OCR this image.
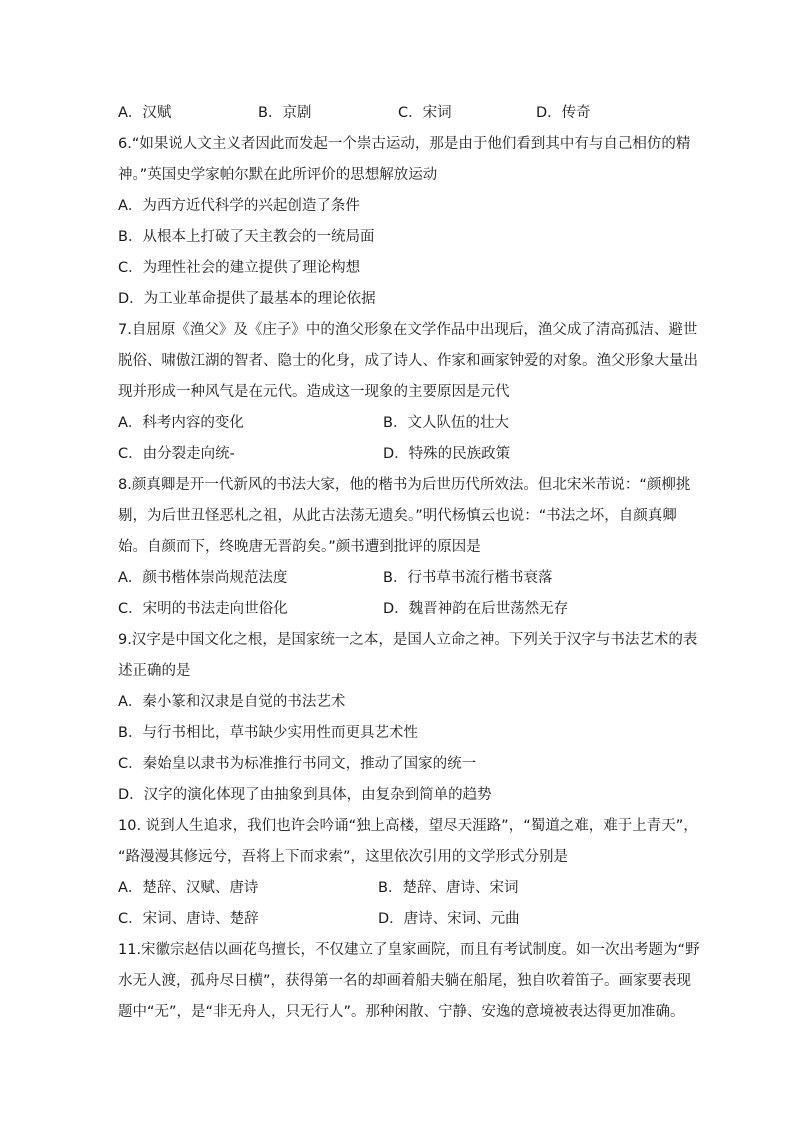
A．汉赋	B．京剧	C．宋词	D．传奇
6.“如果说人文主义者因此而发起一个崇古运动，那是由于他们看到其中有与自己相仿的精
神。”英国史学家帕尔默在此所评价的思想解放运动
A．为西方近代科学的兴起创造了条件
B．从根本上打破了天主教会的一统局面
C．为理性社会的建立提供了理论构想
D．为工业革命提供了最基本的理论依据
7.自屈原《渔父》及《庄子》中的渔父形象在文学作品中出现后，渔父成了清高孤洁、避世
脱俗、啸傲江湖的智者、隐士的化身，成了诗人、作家和画家钟爱的对象。渔父形象大量出
现并形成一种风气是在元代。造成这一现象的主要原因是元代
A．科考内容的变化	B．文人队伍的壮大
C．由分裂走向统-	D．特殊的民族政策
8.颜真卿是开一代新风的书法大家，他的楷书为后世历代所效法。但北宋米芾说：“颜柳挑
剔，为后世丑怪恶札之祖，从此古法荡无遗矣。”明代杨慎云也说：“书法之坏，自颜真卿
始。自颜而下，终晚唐无晋韵矣。”颜书遭到批评的原因是
A．颜书楷体崇尚规范法度	B．行书草书流行楷书衰落
C．宋明的书法走向世俗化	D．魏晋神韵在后世荡然无存
9.汉字是中国文化之根，是国家统一之本，是国人立命之神。下列关于汉字与书法艺术的表
述正确的是
A．秦小篆和汉隶是自觉的书法艺术
B．与行书相比，草书缺少实用性而更具艺术性
C．秦始皇以隶书为标准推行书同文，推动了国家的统一
D．汉字的演化体现了由抽象到具体，由复杂到简单的趋势
10. 说到人生追求，我们也许会吟诵“独上高楼，望尽天涯路”，“蜀道之难，难于上青天”，
“路漫漫其修远兮，吾将上下而求索”，这里依次引用的文学形式分别是
A．楚辞、汉赋、唐诗	B．楚辞、唐诗、宋词
C．宋词、唐诗、楚辞	D．唐诗、宋词、元曲
11.宋徽宗赵佶以画花鸟擅长，不仅建立了皇家画院，而且有考试制度。如一次出考题为“野
水无人渡，孤舟尽日横”，获得第一名的却画着船夫躺在船尾，独自吹着笛子。画家要表现
题中“无”，是“非无舟人，只无行人”。那种闲散、宁静、安逸的意境被表达得更加准确。
